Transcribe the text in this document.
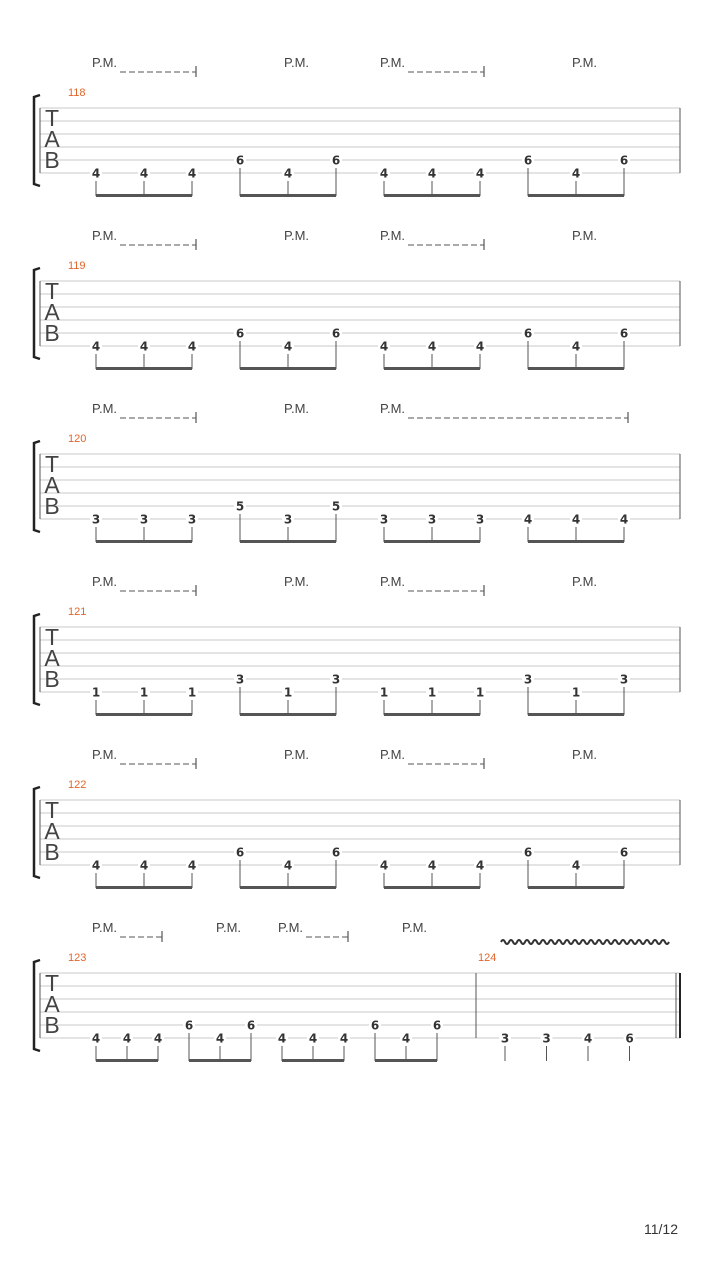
T
A
B
118
4	4	4
6
4
6
4	4	4
6
4
6
P.M.	P.M.	P.M.	P.M.
T
A
B
119
4	4	4
6
4
6
4	4	4
6
4
6
P.M.	P.M.	P.M.	P.M.
T
A
B
120
3	3	3
5
3
5
3	3	3	4	4	4
P.M.	P.M.	P.M.
T
A
B
121
1	1	1
3
1
3
1	1	1
3
1
3
P.M.	P.M.	P.M.	P.M.
T
A
B
122
4	4	4
6
4
6
4	4	4
6
4
6
P.M.	P.M.	P.M.	P.M.
T
A
B
123
4 4 4
6
4
6
4 4 4
6
4
6
P.M.	P.M.	P.M.	P.M.
124
3	3	4	6
11/12
